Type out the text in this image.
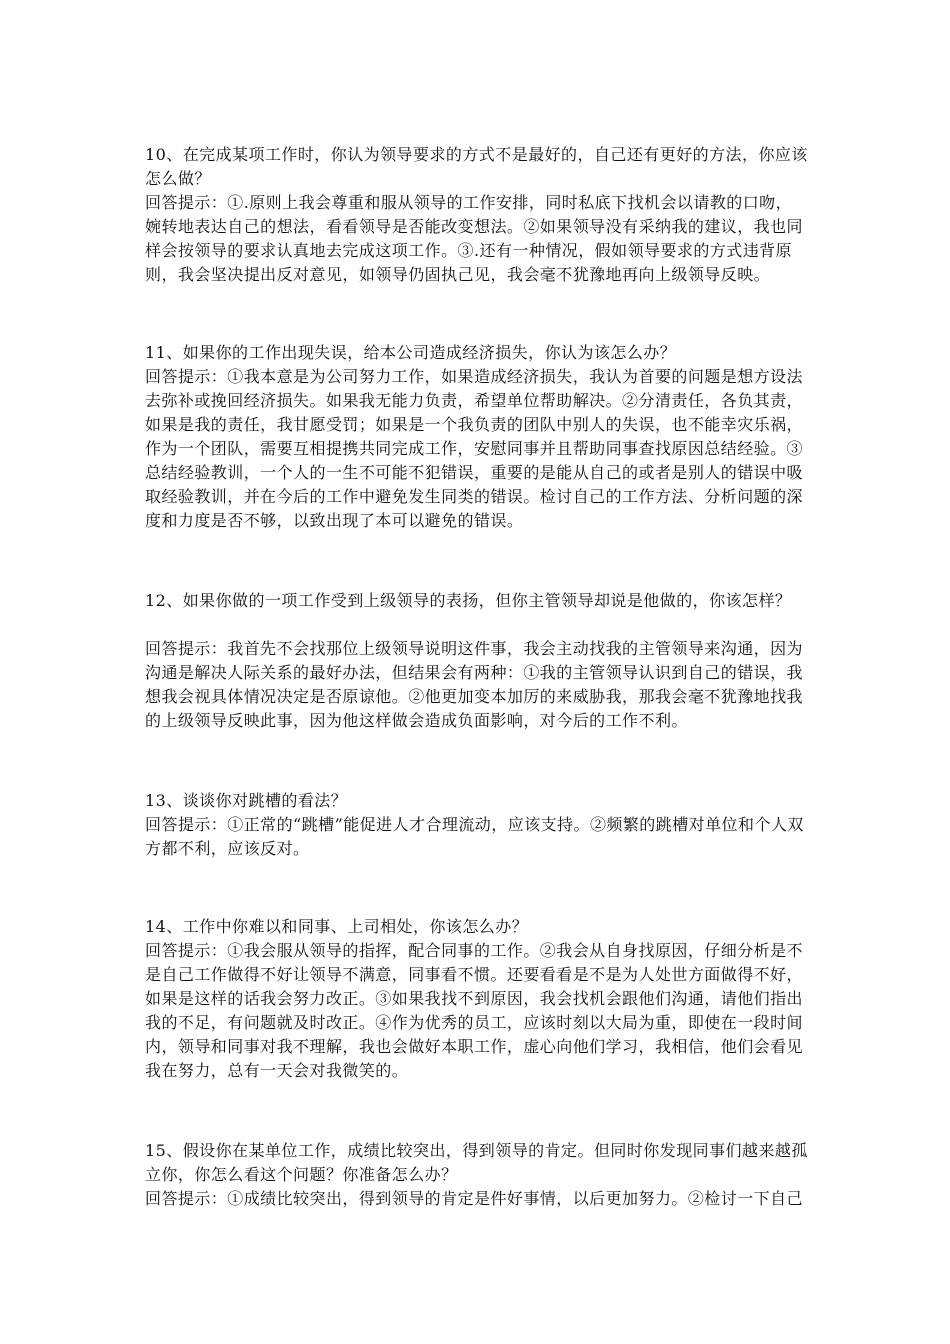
10、在完成某项工作时，你认为领导要求的方式不是最好的，自己还有更好的方法，你应该
怎么做？
回答提示：①.原则上我会尊重和服从领导的工作安排，同时私底下找机会以请教的口吻，
婉转地表达自己的想法，看看领导是否能改变想法。②如果领导没有采纳我的建议，我也同
样会按领导的要求认真地去完成这项工作。③.还有一种情况，假如领导要求的方式违背原
则，我会坚决提出反对意见，如领导仍固执己见，我会毫不犹豫地再向上级领导反映。
11、如果你的工作出现失误，给本公司造成经济损失，你认为该怎么办？
回答提示：①我本意是为公司努力工作，如果造成经济损失，我认为首要的问题是想方设法
去弥补或挽回经济损失。如果我无能力负责，希望单位帮助解决。②分清责任，各负其责，
如果是我的责任，我甘愿受罚；如果是一个我负责的团队中别人的失误，也不能幸灾乐祸，
作为一个团队，需要互相提携共同完成工作，安慰同事并且帮助同事查找原因总结经验。③
总结经验教训，一个人的一生不可能不犯错误，重要的是能从自己的或者是别人的错误中吸
取经验教训，并在今后的工作中避免发生同类的错误。检讨自己的工作方法、分析问题的深
度和力度是否不够，以致出现了本可以避免的错误。
12、如果你做的一项工作受到上级领导的表扬，但你主管领导却说是他做的，你该怎样？
回答提示：我首先不会找那位上级领导说明这件事，我会主动找我的主管领导来沟通，因为
沟通是解决人际关系的最好办法，但结果会有两种：①我的主管领导认识到自己的错误，我
想我会视具体情况决定是否原谅他。②他更加变本加厉的来威胁我，那我会毫不犹豫地找我
的上级领导反映此事，因为他这样做会造成负面影响，对今后的工作不利。
13、谈谈你对跳槽的看法？
回答提示：①正常的“跳槽”能促进人才合理流动，应该支持。②频繁的跳槽对单位和个人双
方都不利，应该反对。
14、工作中你难以和同事、上司相处，你该怎么办？
回答提示：①我会服从领导的指挥，配合同事的工作。②我会从自身找原因，仔细分析是不
是自己工作做得不好让领导不满意，同事看不惯。还要看看是不是为人处世方面做得不好，
如果是这样的话我会努力改正。③如果我找不到原因，我会找机会跟他们沟通，请他们指出
我的不足，有问题就及时改正。④作为优秀的员工，应该时刻以大局为重，即使在一段时间
内，领导和同事对我不理解，我也会做好本职工作，虚心向他们学习，我相信，他们会看见
我在努力，总有一天会对我微笑的。
15、假设你在某单位工作，成绩比较突出，得到领导的肯定。但同时你发现同事们越来越孤
立你，你怎么看这个问题？你准备怎么办？
回答提示：①成绩比较突出，得到领导的肯定是件好事情，以后更加努力。②检讨一下自己
